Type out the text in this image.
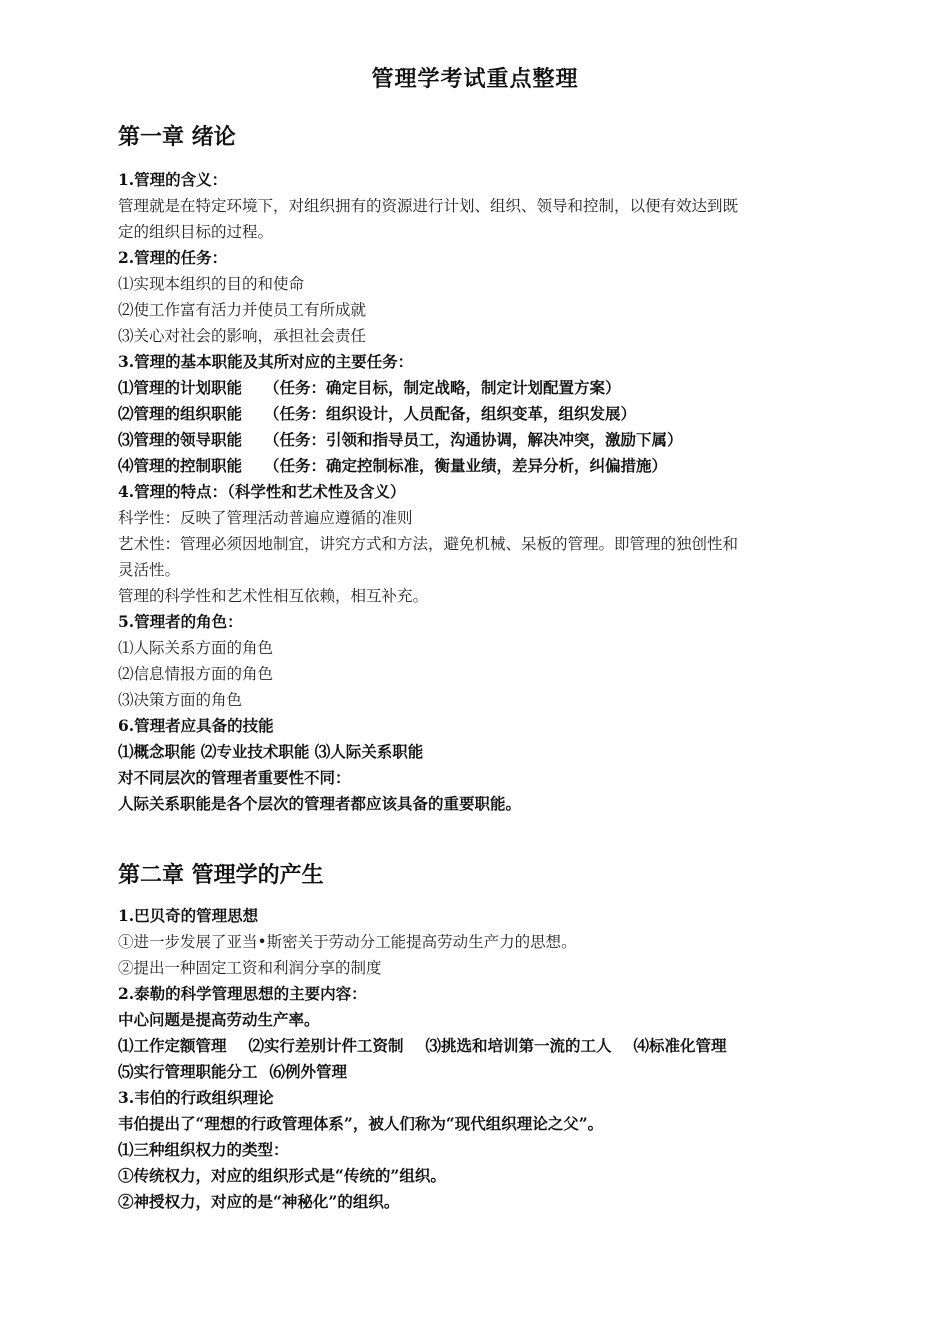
管理学考试重点整理
第一章 绪论
1.管理的含义：
管理就是在特定环境下，对组织拥有的资源进行计划、组织、领导和控制，以便有效达到既
定的组织目标的过程。
2.管理的任务：
⑴实现本组织的目的和使命
⑵使工作富有活力并使员工有所成就
⑶关心对社会的影响，承担社会责任
3.管理的基本职能及其所对应的主要任务：
⑴管理的计划职能 （任务：确定目标，制定战略，制定计划配置方案）
⑵管理的组织职能 （任务：组织设计，人员配备，组织变革，组织发展）
⑶管理的领导职能 （任务：引领和指导员工，沟通协调，解决冲突，激励下属）
⑷管理的控制职能 （任务：确定控制标准，衡量业绩，差异分析，纠偏措施）
4.管理的特点：（科学性和艺术性及含义）
科学性：反映了管理活动普遍应遵循的准则
艺术性：管理必须因地制宜，讲究方式和方法，避免机械、呆板的管理。即管理的独创性和
灵活性。
管理的科学性和艺术性相互依赖，相互补充。
5.管理者的角色：
⑴人际关系方面的角色
⑵信息情报方面的角色
⑶决策方面的角色
6.管理者应具备的技能
⑴概念职能 ⑵专业技术职能 ⑶人际关系职能
对不同层次的管理者重要性不同：
人际关系职能是各个层次的管理者都应该具备的重要职能。
第二章 管理学的产生
1.巴贝奇的管理思想
①进一步发展了亚当•斯密关于劳动分工能提高劳动生产力的思想。
②提出一种固定工资和利润分享的制度
2.泰勒的科学管理思想的主要内容：
中心问题是提高劳动生产率。
⑴工作定额管理 ⑵实行差别计件工资制 ⑶挑选和培训第一流的工人 ⑷标准化管理
⑸实行管理职能分工 ⑹例外管理
3.韦伯的行政组织理论
韦伯提出了“理想的行政管理体系”，被人们称为“现代组织理论之父”。
⑴三种组织权力的类型：
①传统权力，对应的组织形式是“传统的”组织。
②神授权力，对应的是“神秘化”的组织。
